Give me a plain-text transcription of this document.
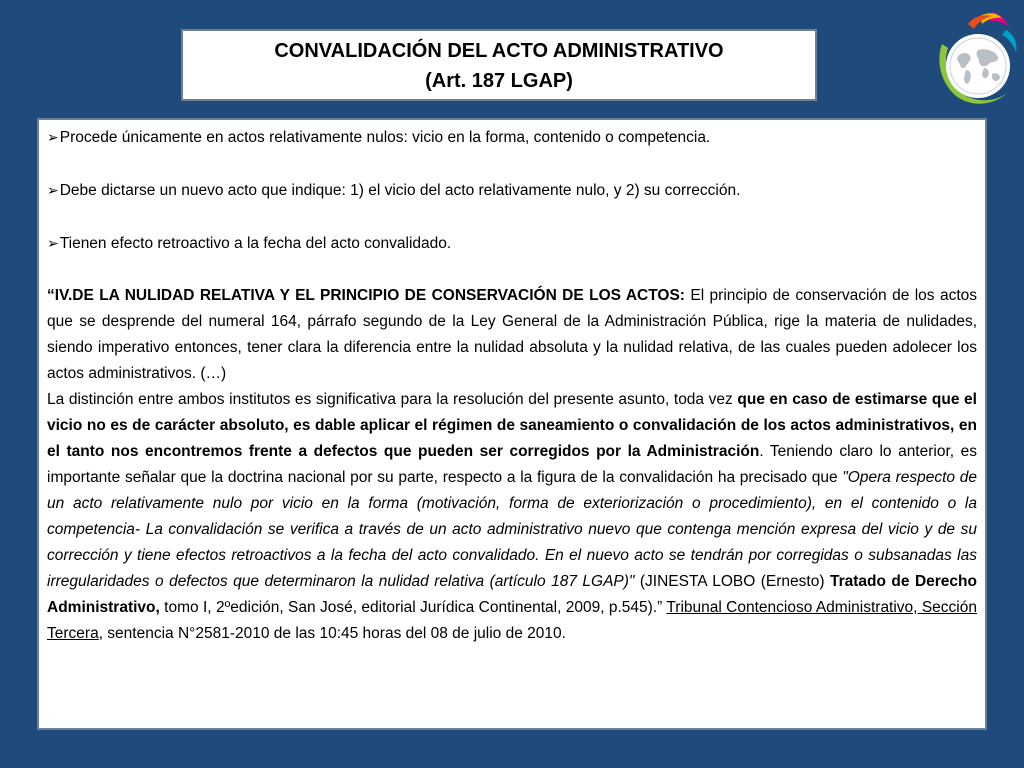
CONVALIDACIÓN DEL ACTO ADMINISTRATIVO
(Art. 187 LGAP)

➢Procede únicamente en actos relativamente nulos: vicio en la forma, contenido o competencia.

➢Debe dictarse un nuevo acto que indique: 1) el vicio del acto relativamente nulo, y 2) su corrección.

➢Tienen efecto retroactivo a la fecha del acto convalidado.

“IV.DE LA NULIDAD RELATIVA Y EL PRINCIPIO DE CONSERVACIÓN DE LOS ACTOS: El principio de conservación de los actos que se desprende del numeral 164, párrafo segundo de la Ley General de la Administración Pública, rige la materia de nulidades, siendo imperativo entonces, tener clara la diferencia entre la nulidad absoluta y la nulidad relativa, de las cuales pueden adolecer los actos administrativos. (…)

La distinción entre ambos institutos es significativa para la resolución del presente asunto, toda vez que en caso de estimarse que el vicio no es de carácter absoluto, es dable aplicar el régimen de saneamiento o convalidación de los actos administrativos, en el tanto nos encontremos frente a defectos que pueden ser corregidos por la Administración. Teniendo claro lo anterior, es importante señalar que la doctrina nacional por su parte, respecto a la figura de la convalidación ha precisado que "Opera respecto de un acto relativamente nulo por vicio en la forma (motivación, forma de exteriorización o procedimiento), en el contenido o la competencia- La convalidación se verifica a través de un acto administrativo nuevo que contenga mención expresa del vicio y de su corrección y tiene efectos retroactivos a la fecha del acto convalidado. En el nuevo acto se tendrán por corregidas o subsanadas las irregularidades o defectos que determinaron la nulidad relativa (artículo 187 LGAP)" (JINESTA LOBO (Ernesto) Tratado de Derecho Administrativo, tomo I, 2ºedición, San José, editorial Jurídica Continental, 2009, p.545).” Tribunal Contencioso Administrativo, Sección Tercera, sentencia N°2581-2010 de las 10:45 horas del 08 de julio de 2010.
